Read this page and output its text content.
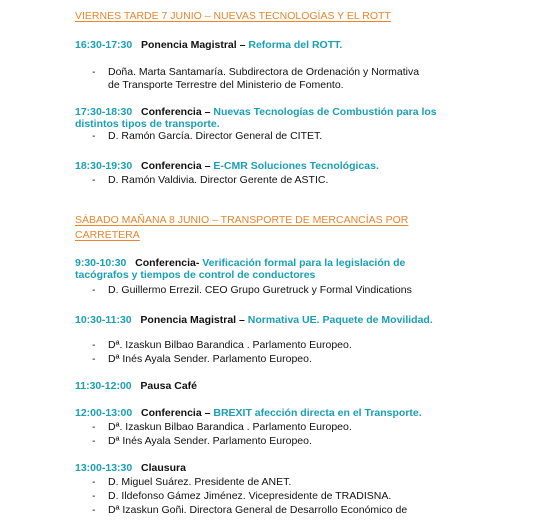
VIERNES TARDE 7 JUNIO – NUEVAS TECNOLOGÍAS Y EL ROTT
16:30-17:30 Ponencia Magistral – Reforma del ROTT.
- Doña. Marta Santamaría. Subdirectora de Ordenación y Normativa de Transporte Terrestre del Ministerio de Fomento.
17:30-18:30 Conferencia – Nuevas Tecnologías de Combustión para los distintos tipos de transporte.
- D. Ramón García. Director General de CITET.
18:30-19:30 Conferencia – E-CMR Soluciones Tecnológicas.
- D. Ramón Valdivia. Director Gerente de ASTIC.
SÁBADO MAÑANA 8 JUNIO – TRANSPORTE DE MERCANCÍAS POR
CARRETERA
9:30-10:30 Conferencia- Verificación formal para la legislación de tacógrafos y tiempos de control de conductores
- D. Guillermo Errezil. CEO Grupo Guretruck y Formal Vindications
10:30-11:30 Ponencia Magistral – Normativa UE. Paquete de Movilidad.
- Dª. Izaskun Bilbao Barandica . Parlamento Europeo.
- Dª Inés Ayala Sender. Parlamento Europeo.
11:30-12:00 Pausa Café
12:00-13:00 Conferencia – BREXIT afección directa en el Transporte.
- Dª. Izaskun Bilbao Barandica . Parlamento Europeo.
- Dª Inés Ayala Sender. Parlamento Europeo.
13:00-13:30 Clausura
- D. Miguel Suárez. Presidente de ANET.
- D. Ildefonso Gámez Jiménez. Vicepresidente de TRADISNA.
- Dª Izaskun Goñi. Directora General de Desarrollo Económico de
